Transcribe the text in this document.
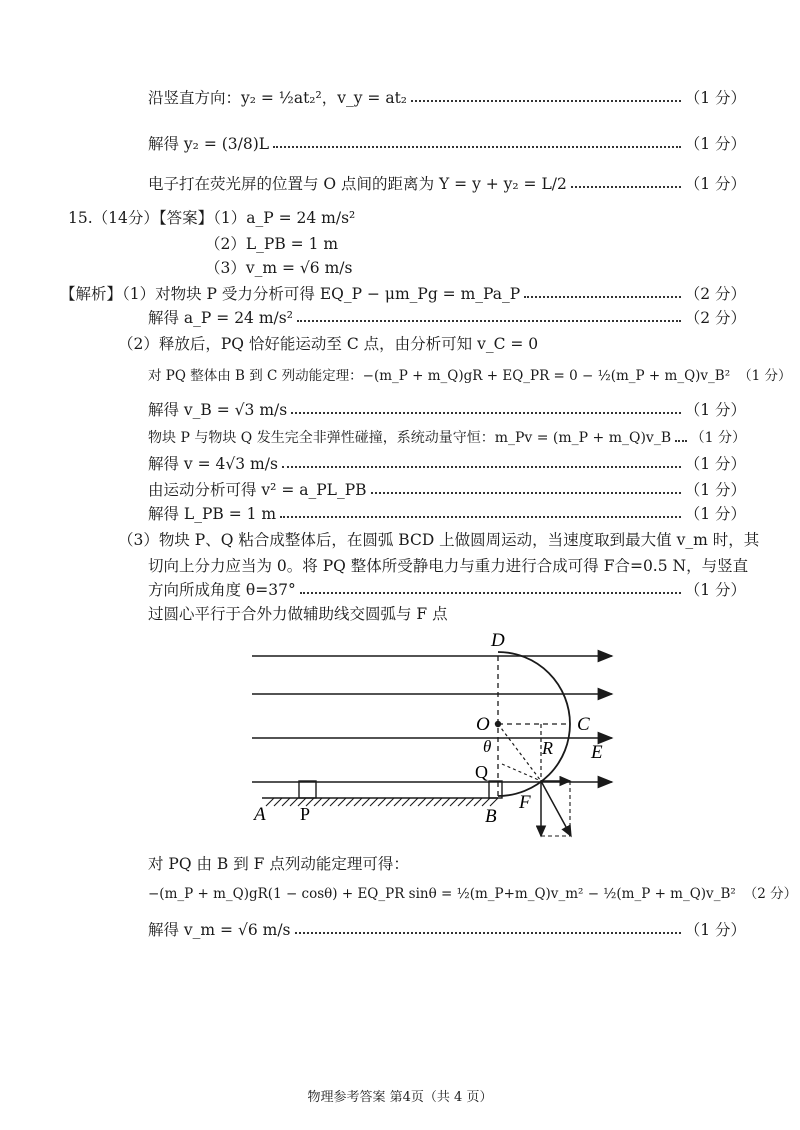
沿竖直方向：y₂ = ½at₂²，v_y = at₂	（1 分）
解得 y₂ = (3/8)L	（1 分）
电子打在荧光屏的位置与 O 点间的距离为 Y = y + y₂ = L/2	（1 分）
15.（14分）【答案】（1）a_P = 24 m/s²
（2）L_PB = 1 m
（3）v_m = √6 m/s
【解析】（1）对物块 P 受力分析可得 EQ_P − μm_Pg = m_Pa_P	（2 分）
解得 a_P = 24 m/s²	（2 分）
（2）释放后，PQ 恰好能运动至 C 点，由分析可知 v_C = 0
对 PQ 整体由 B 到 C 列动能定理：−(m_P + m_Q)gR + EQ_PR = 0 − ½(m_P + m_Q)v_B² （1 分）
解得 v_B = √3 m/s	（1 分）
物块 P 与物块 Q 发生完全非弹性碰撞，系统动量守恒：m_Pv = (m_P + m_Q)v_B （1 分）
解得 v = 4√3 m/s	（1 分）
由运动分析可得 v² = a_PL_PB	（1 分）
解得 L_PB = 1 m	（1 分）
（3）物块 P、Q 粘合成整体后，在圆弧 BCD 上做圆周运动，当速度取到最大值 v_m 时，其
切向上分力应当为 0。将 PQ 整体所受静电力与重力进行合成可得 F合=0.5 N，与竖直
方向所成角度 θ=37°	（1 分）
过圆心平行于合外力做辅助线交圆弧与 F 点
D
O	C
θ	R E
Q
F
A P	B
对 PQ 由 B 到 F 点列动能定理可得：
−(m_P + m_Q)gR(1 − cosθ) + EQ_PR sinθ = ½(m_P+m_Q)v_m² − ½(m_P + m_Q)v_B² （2 分）
解得 v_m = √6 m/s	（1 分）
物理参考答案 第4页（共 4 页）
